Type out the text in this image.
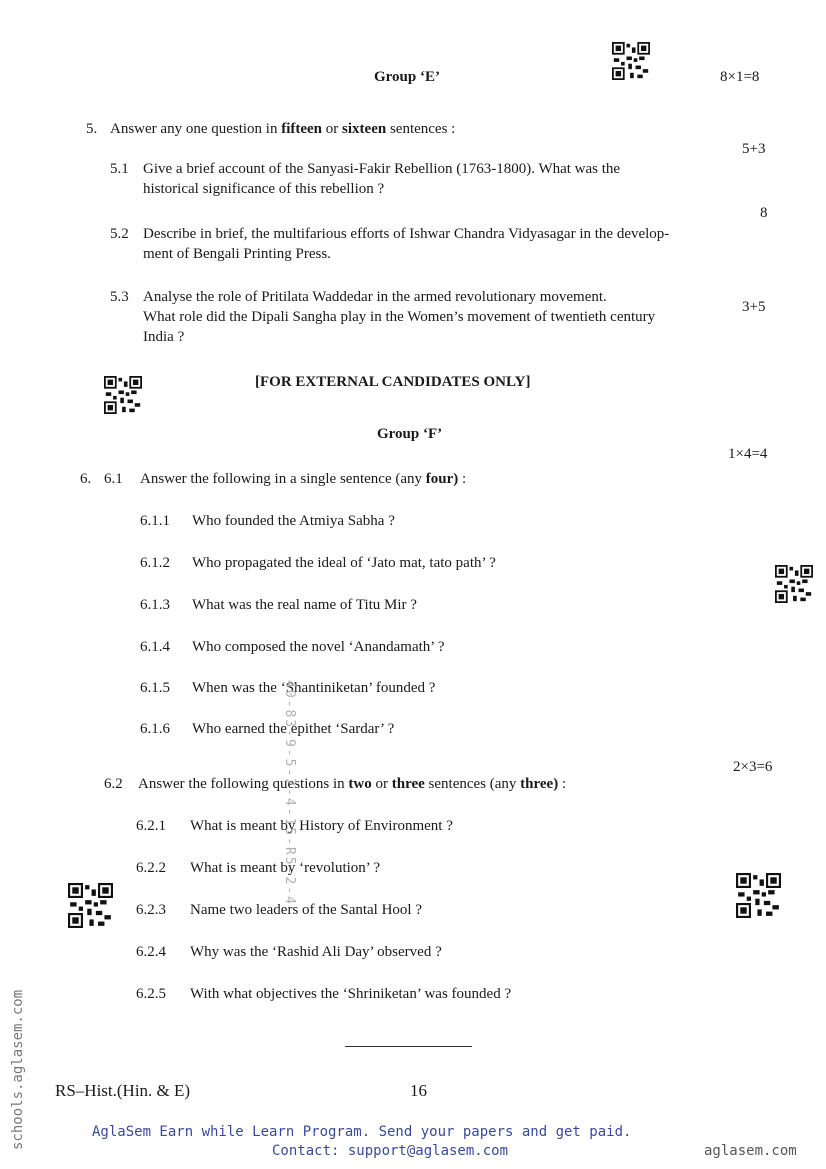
Group ‘E’	8×1=8
5. Answer any one question in fifteen or sixteen sentences :
5.1 Give a brief account of the Sanyasi-Fakir Rebellion (1763-1800). What was the
historical significance of this rebellion ?
5+3
5.2 Describe in brief, the multifarious efforts of Ishwar Chandra Vidyasagar in the develop-
ment of Bengali Printing Press.
8
5.3 Analyse the role of Pritilata Waddedar in the armed revolutionary movement.
What role did the Dipali Sangha play in the Women’s movement of twentieth century
India ?
3+5
[FOR EXTERNAL CANDIDATES ONLY]
Group ‘F’
1×4=4
6. 6.1 Answer the following in a single sentence (any four) :
6.1.1 Who founded the Atmiya Sabha ?
6.1.2 Who propagated the ideal of ‘Jato mat, tato path’ ?
6.1.3 What was the real name of Titu Mir ?
6.1.4 Who composed the novel ‘Anandamath’ ?
6.1.5 When was the ‘Shantiniketan’ founded ?
6.1.6 Who earned the epithet ‘Sardar’ ?
6.2 Answer the following questions in two or three sentences (any three) :
2×3=6
6.2.1 What is meant by History of Environment ?
6.2.2 What is meant by ‘revolution’ ?
6.2.3 Name two leaders of the Santal Hool ?
6.2.4 Why was the ‘Rashid Ali Day’ observed ?
6.2.5 With what objectives the ‘Shriniketan’ was founded ?
40-83-9-5-2-4-15-R5-2-4
RS–Hist.(Hin. & E)	16
AglaSem Earn while Learn Program. Send your papers and get paid.
Contact: support@aglasem.com	aglasem.com
schools.aglasem.com
